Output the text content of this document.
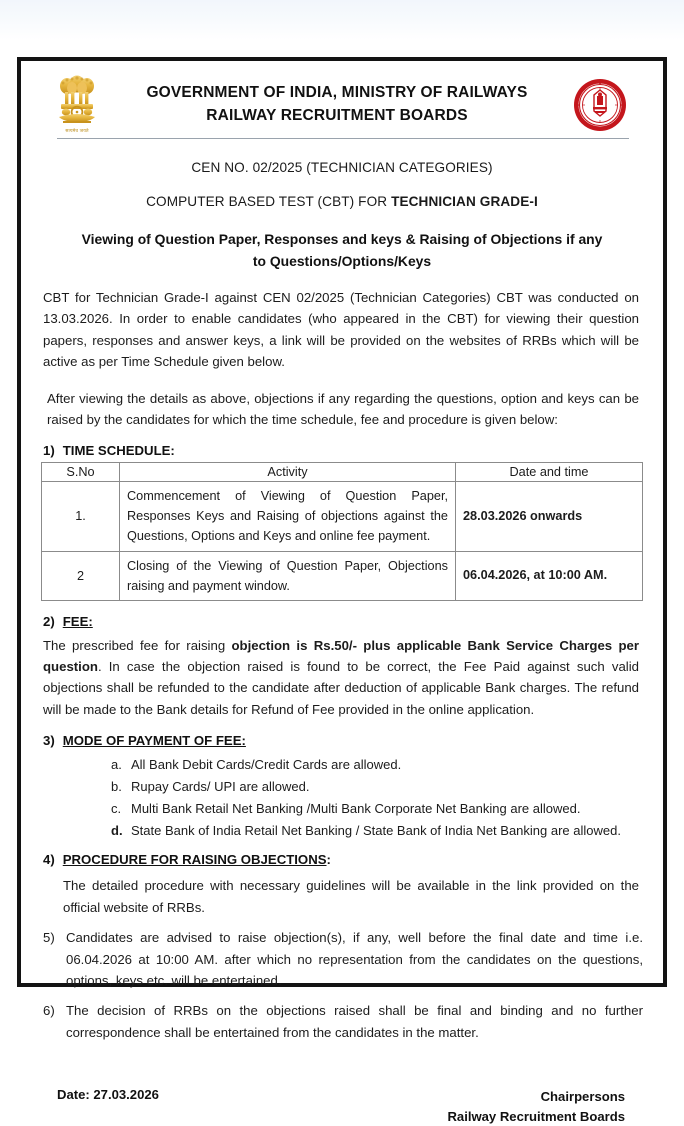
सत्यमेव जयते
GOVERNMENT OF INDIA, MINISTRY OF RAILWAYS
RAILWAY RECRUITMENT BOARDS
CEN NO. 02/2025 (TECHNICIAN CATEGORIES)
COMPUTER BASED TEST (CBT) FOR TECHNICIAN GRADE-I
Viewing of Question Paper, Responses and keys & Raising of Objections if any
to Questions/Options/Keys
CBT for Technician Grade-I against CEN 02/2025 (Technician Categories) CBT was conducted on 13.03.2026. In order to enable candidates (who appeared in the CBT) for viewing their question papers, responses and answer keys, a link will be provided on the websites of RRBs which will be active as per Time Schedule given below.
After viewing the details as above, objections if any regarding the questions, option and keys can be raised by the candidates for which the time schedule, fee and procedure is given below:
1) TIME SCHEDULE:
S.No	Activity	Date and time
1.	Commencement of Viewing of Question Paper, Responses Keys and Raising of objections against the Questions, Options and Keys and online fee payment.	28.03.2026 onwards
2	Closing of the Viewing of Question Paper, Objections raising and payment window.	06.04.2026, at 10:00 AM.
2) FEE:
The prescribed fee for raising objection is Rs.50/- plus applicable Bank Service Charges per question. In case the objection raised is found to be correct, the Fee Paid against such valid objections shall be refunded to the candidate after deduction of applicable Bank charges. The refund will be made to the Bank details for Refund of Fee provided in the online application.
3) MODE OF PAYMENT OF FEE:
a. All Bank Debit Cards/Credit Cards are allowed.
b. Rupay Cards/ UPI are allowed.
c. Multi Bank Retail Net Banking /Multi Bank Corporate Net Banking are allowed.
d. State Bank of India Retail Net Banking / State Bank of India Net Banking are allowed.
4) PROCEDURE FOR RAISING OBJECTIONS:
The detailed procedure with necessary guidelines will be available in the link provided on the official website of RRBs.
5) Candidates are advised to raise objection(s), if any, well before the final date and time i.e. 06.04.2026 at 10:00 AM. after which no representation from the candidates on the questions, options, keys etc. will be entertained.
6) The decision of RRBs on the objections raised shall be final and binding and no further correspondence shall be entertained from the candidates in the matter.
Date: 27.03.2026	Chairpersons
Railway Recruitment Boards
